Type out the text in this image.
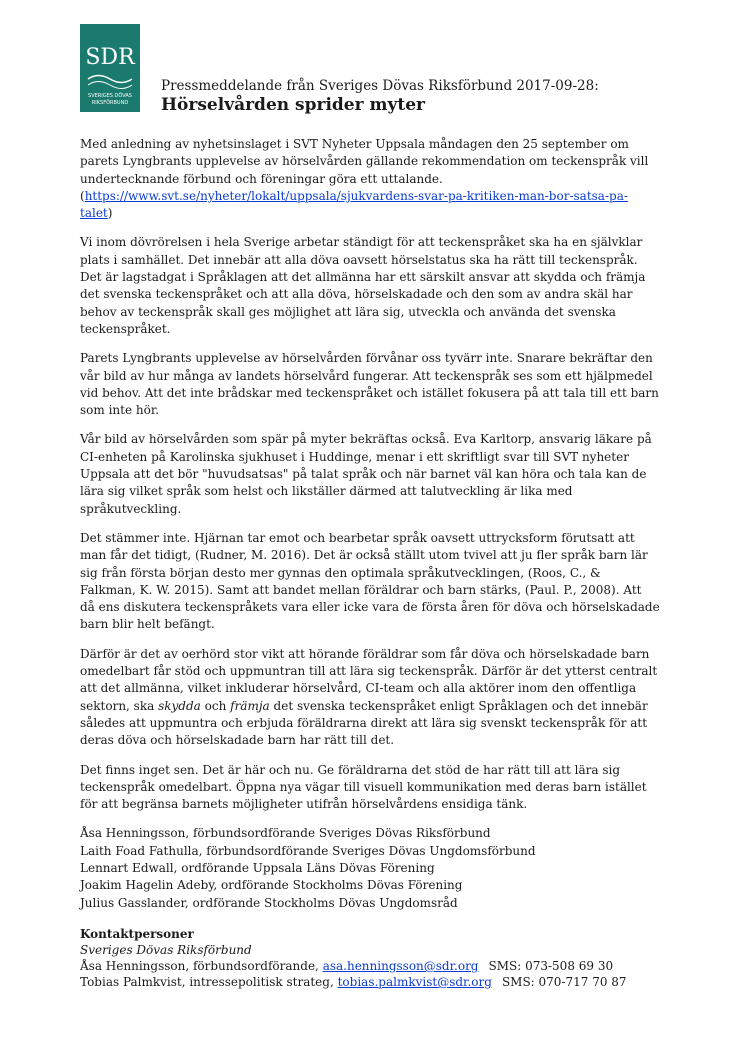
SDR
SVERIGES DÖVAS
RIKSFÖRBUND
Pressmeddelande från Sveriges Dövas Riksförbund 2017-09-28:
Hörselvården sprider myter

Med anledning av nyhetsinslaget i SVT Nyheter Uppsala måndagen den 25 september om parets Lyngbrants upplevelse av hörselvården gällande rekommendation om teckenspråk vill undertecknande förbund och föreningar göra ett uttalande.
(https://www.svt.se/nyheter/lokalt/uppsala/sjukvardens-svar-pa-kritiken-man-bor-satsa-pa-talet)

Vi inom dövrörelsen i hela Sverige arbetar ständigt för att teckenspråket ska ha en självklar plats i samhället. Det innebär att alla döva oavsett hörselstatus ska ha rätt till teckenspråk. Det är lagstadgat i Språklagen att det allmänna har ett särskilt ansvar att skydda och främja det svenska teckenspråket och att alla döva, hörselskadade och den som av andra skäl har behov av teckenspråk skall ges möjlighet att lära sig, utveckla och använda det svenska teckenspråket.

Parets Lyngbrants upplevelse av hörselvården förvånar oss tyvärr inte. Snarare bekräftar den vår bild av hur många av landets hörselvård fungerar. Att teckenspråk ses som ett hjälpmedel vid behov. Att det inte brådskar med teckenspråket och istället fokusera på att tala till ett barn som inte hör.

Vår bild av hörselvården som spär på myter bekräftas också. Eva Karltorp, ansvarig läkare på CI-enheten på Karolinska sjukhuset i Huddinge, menar i ett skriftligt svar till SVT nyheter Uppsala att det bör "huvudsatsas" på talat språk och när barnet väl kan höra och tala kan de lära sig vilket språk som helst och likställer därmed att talutveckling är lika med språkutveckling.

Det stämmer inte. Hjärnan tar emot och bearbetar språk oavsett uttrycksform förutsatt att man får det tidigt, (Rudner, M. 2016). Det är också ställt utom tvivel att ju fler språk barn lär sig från första början desto mer gynnas den optimala språkutvecklingen, (Roos, C., & Falkman, K. W. 2015). Samt att bandet mellan föräldrar och barn stärks, (Paul. P., 2008). Att då ens diskutera teckenspråkets vara eller icke vara de första åren för döva och hörselskadade barn blir helt befängt.

Därför är det av oerhörd stor vikt att hörande föräldrar som får döva och hörselskadade barn omedelbart får stöd och uppmuntran till att lära sig teckenspråk. Därför är det ytterst centralt att det allmänna, vilket inkluderar hörselvård, CI-team och alla aktörer inom den offentliga sektorn, ska skydda och främja det svenska teckenspråket enligt Språklagen och det innebär således att uppmuntra och erbjuda föräldrarna direkt att lära sig svenskt teckenspråk för att deras döva och hörselskadade barn har rätt till det.

Det finns inget sen. Det är här och nu. Ge föräldrarna det stöd de har rätt till att lära sig teckenspråk omedelbart. Öppna nya vägar till visuell kommunikation med deras barn istället för att begränsa barnets möjligheter utifrån hörselvårdens ensidiga tänk.

Åsa Henningsson, förbundsordförande Sveriges Dövas Riksförbund

Laith Foad Fathulla, förbundsordförande Sveriges Dövas Ungdomsförbund

Lennart Edwall, ordförande Uppsala Läns Dövas Förening

Joakim Hagelin Adeby, ordförande Stockholms Dövas Förening

Julius Gasslander, ordförande Stockholms Dövas Ungdomsråd

Kontaktpersoner

Sveriges Dövas Riksförbund

Åsa Henningsson, förbundsordförande, asa.henningsson@sdr.org SMS: 073-508 69 30

Tobias Palmkvist, intressepolitisk strateg, tobias.palmkvist@sdr.org SMS: 070-717 70 87
